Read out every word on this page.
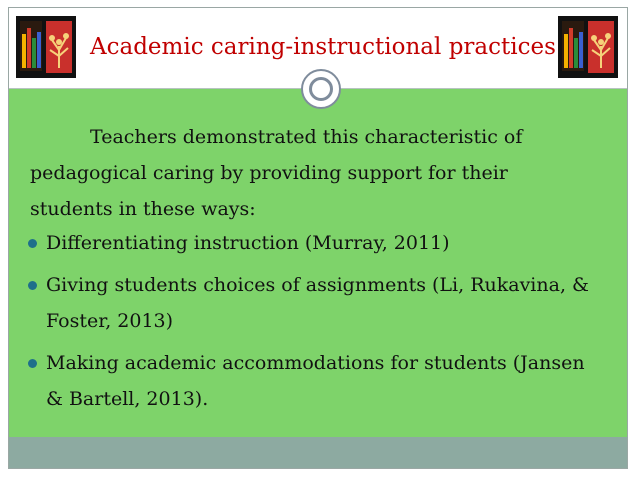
Academic caring-instructional practices
Teachers demonstrated this characteristic of pedagogical caring by providing support for their students in these ways:
Differentiating instruction (Murray, 2011)
Giving students choices of assignments (Li, Rukavina, & Foster, 2013)
Making academic accommodations for students (Jansen & Bartell, 2013).
